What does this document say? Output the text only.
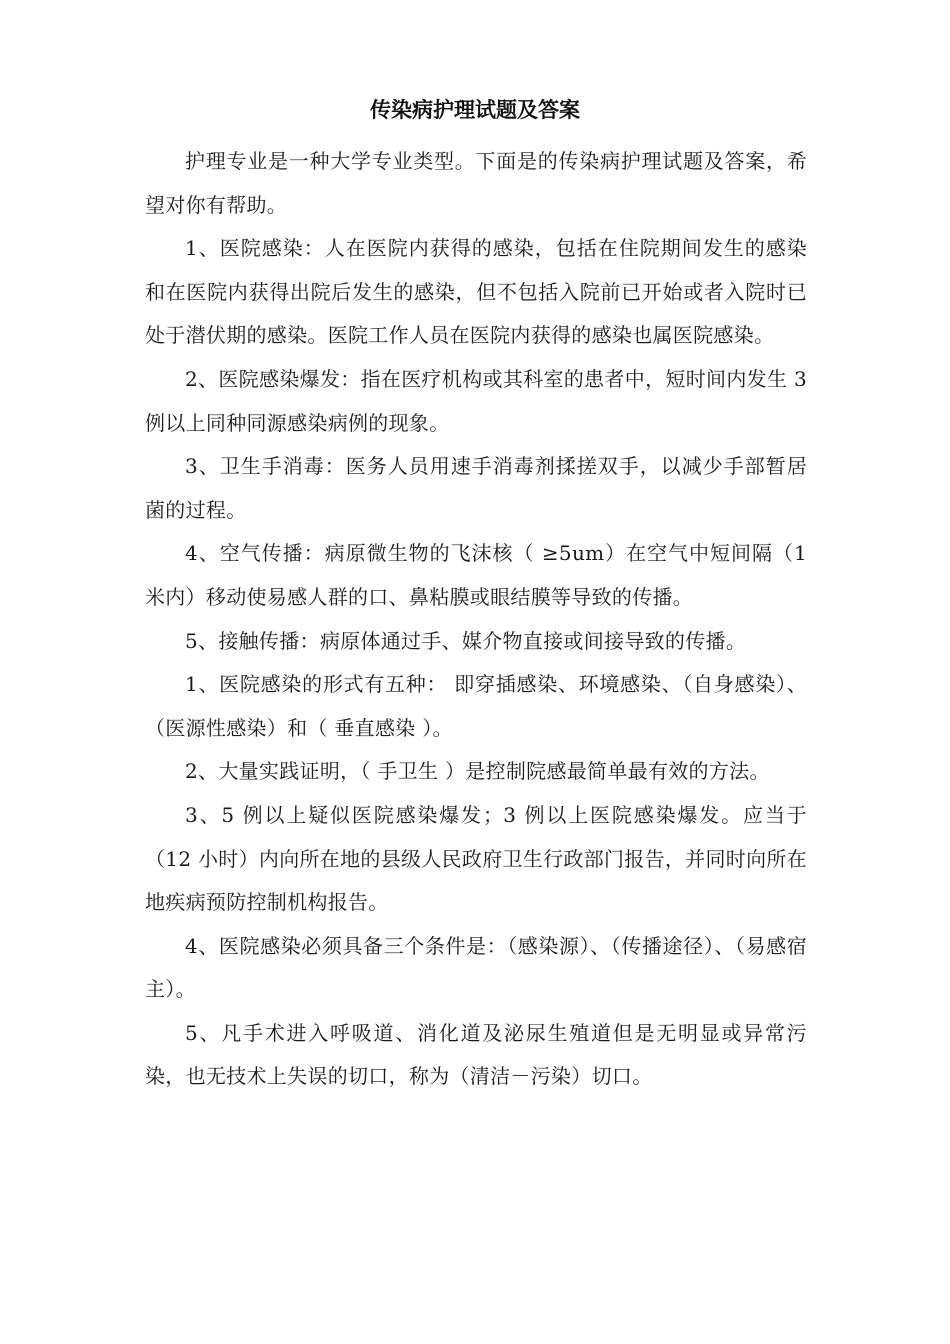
传染病护理试题及答案

护理专业是一种大学专业类型。下面是的传染病护理试题及答案，希望对你有帮助。

1、医院感染：人在医院内获得的感染，包括在住院期间发生的感染和在医院内获得出院后发生的感染，但不包括入院前已开始或者入院时已处于潜伏期的感染。医院工作人员在医院内获得的感染也属医院感染。

2、医院感染爆发：指在医疗机构或其科室的患者中，短时间内发生 3 例以上同种同源感染病例的现象。

3、卫生手消毒：医务人员用速手消毒剂揉搓双手，以减少手部暂居菌的过程。

4、空气传播：病原微生物的飞沫核（ ≥5um）在空气中短间隔（1 米内）移动使易感人群的口、鼻粘膜或眼结膜等导致的传播。

5、接触传播：病原体通过手、媒介物直接或间接导致的传播。

1、医院感染的形式有五种： 即穿插感染、环境感染、（自身感染）、（医源性感染）和（ 垂直感染 ）。

2、大量实践证明，（ 手卫生 ）是控制院感最简单最有效的方法。

3、5 例以上疑似医院感染爆发；3 例以上医院感染爆发。应当于（12 小时）内向所在地的县级人民政府卫生行政部门报告，并同时向所在地疾病预防控制机构报告。

4、医院感染必须具备三个条件是：（感染源）、（传播途径）、（易感宿主）。

5、凡手术进入呼吸道、消化道及泌尿生殖道但是无明显或异常污染，也无技术上失误的切口，称为（清洁－污染）切口。
